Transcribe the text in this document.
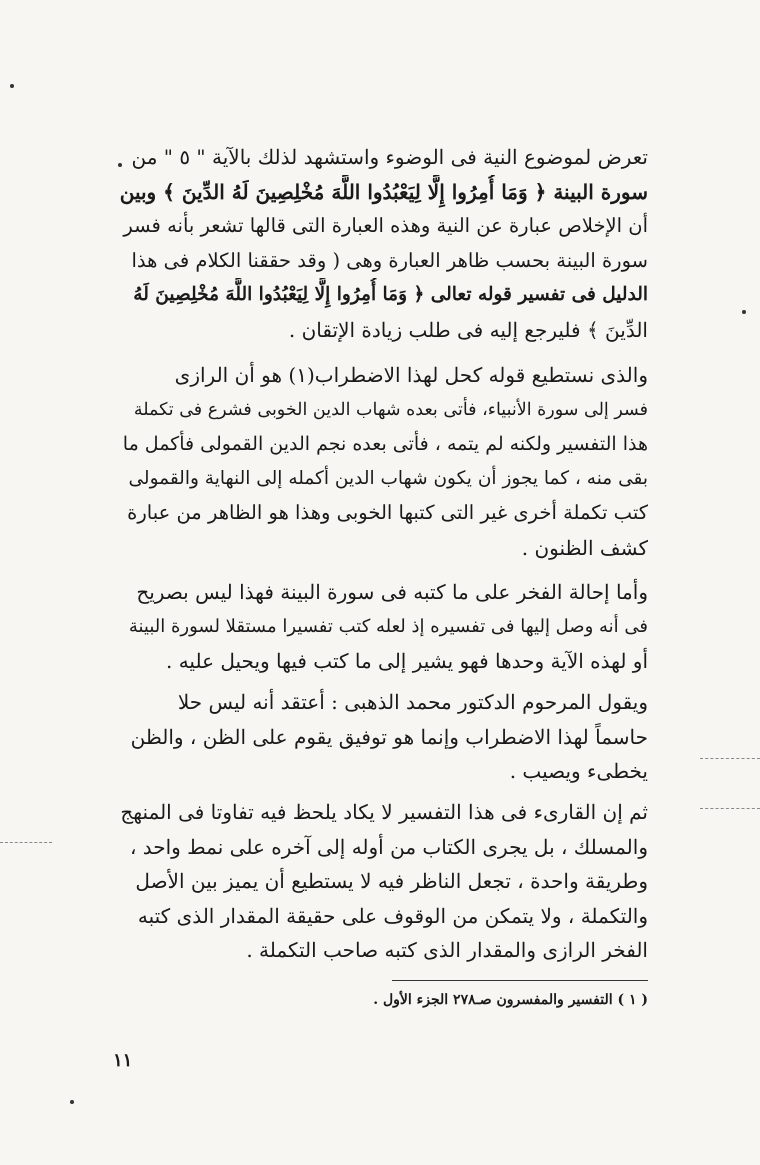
تعرض لموضوع النية فى الوضوء واستشهد لذلك بالآية " ٥ " من
سورة البينة ﴿ وَمَا أُمِرُوا إِلَّا لِيَعْبُدُوا اللَّهَ مُخْلِصِينَ لَهُ الدِّينَ ﴾ وبين
أن الإخلاص عبارة عن النية وهذه العبارة التى قالها تشعر بأنه فسر
سورة البينة بحسب ظاهر العبارة وهى ( وقد حققنا الكلام فى هذا
الدليل فى تفسير قوله تعالى ﴿ وَمَا أُمِرُوا إِلَّا لِيَعْبُدُوا اللَّهَ مُخْلِصِينَ لَهُ
الدِّينَ ﴾ فليرجع إليه فى طلب زيادة الإتقان .
والذى نستطيع قوله كحل لهذا الاضطراب(١) هو أن الرازى
فسر إلى سورة الأنبياء، فأتى بعده شهاب الدين الخوبى فشرع فى تكملة
هذا التفسير ولكنه لم يتمه ، فأتى بعده نجم الدين القمولى فأكمل ما
بقى منه ، كما يجوز أن يكون شهاب الدين أكمله إلى النهاية والقمولى
كتب تكملة أخرى غير التى كتبها الخوبى وهذا هو الظاهر من عبارة
كشف الظنون .
وأما إحالة الفخر على ما كتبه فى سورة البينة فهذا ليس بصريح
فى أنه وصل إليها فى تفسيره إذ لعله كتب تفسيرا مستقلا لسورة البينة
أو لهذه الآية وحدها فهو يشير إلى ما كتب فيها ويحيل عليه .
ويقول المرحوم الدكتور محمد الذهبى : أعتقد أنه ليس حلا
حاسماً لهذا الاضطراب وإنما هو توفيق يقوم على الظن ، والظن
يخطىء ويصيب .
ثم إن القارىء فى هذا التفسير لا يكاد يلحظ فيه تفاوتا فى المنهج
والمسلك ، بل يجرى الكتاب من أوله إلى آخره على نمط واحد ،
وطريقة واحدة ، تجعل الناظر فيه لا يستطيع أن يميز بين الأصل
والتكملة ، ولا يتمكن من الوقوف على حقيقة المقدار الذى كتبه
الفخر الرازى والمقدار الذى كتبه صاحب التكملة .
( ١ ) التفسير والمفسرون صـ٢٧٨ الجزء الأول .
١١
